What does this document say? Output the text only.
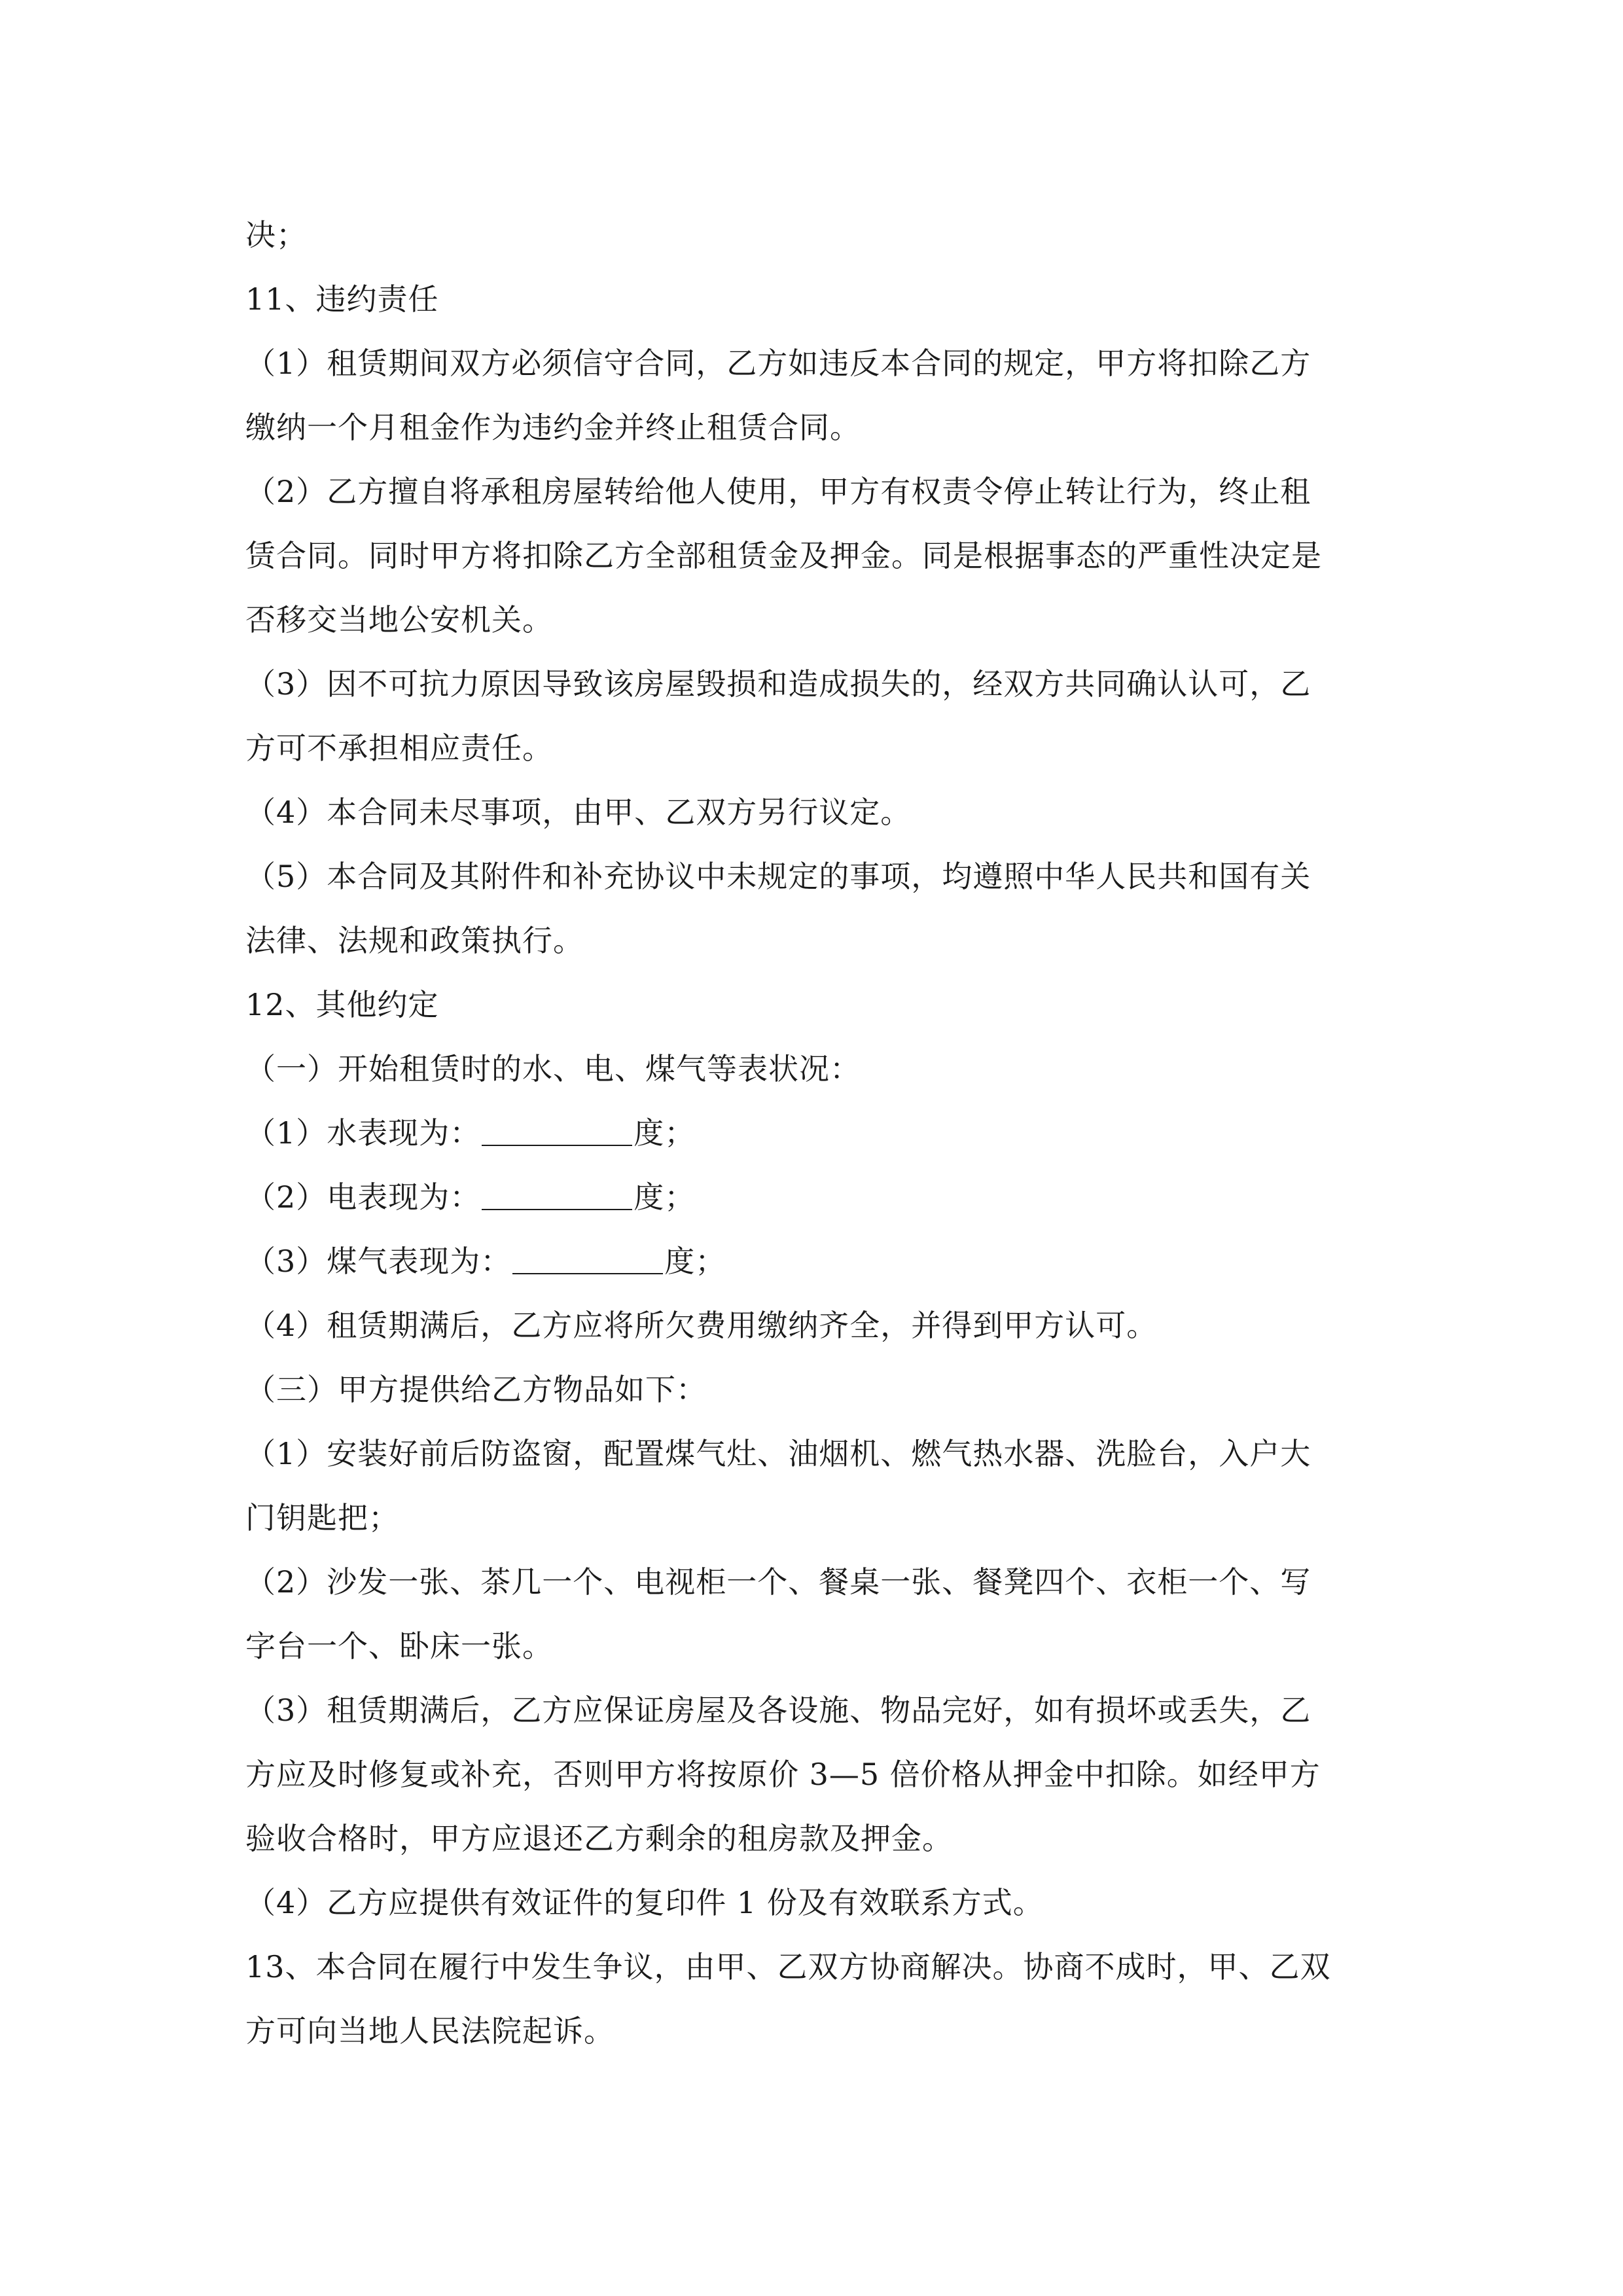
决；
11、违约责任
（1）租赁期间双方必须信守合同，乙方如违反本合同的规定，甲方将扣除乙方
缴纳一个月租金作为违约金并终止租赁合同。
（2）乙方擅自将承租房屋转给他人使用，甲方有权责令停止转让行为，终止租
赁合同。同时甲方将扣除乙方全部租赁金及押金。同是根据事态的严重性决定是
否移交当地公安机关。
（3）因不可抗力原因导致该房屋毁损和造成损失的，经双方共同确认认可，乙
方可不承担相应责任。
（4）本合同未尽事项，由甲、乙双方另行议定。
（5）本合同及其附件和补充协议中未规定的事项，均遵照中华人民共和国有关
法律、法规和政策执行。
12、其他约定
（一）开始租赁时的水、电、煤气等表状况：
（1）水表现为：	度；
（2）电表现为：	度；
（3）煤气表现为：	度；
（4）租赁期满后，乙方应将所欠费用缴纳齐全，并得到甲方认可。
（三）甲方提供给乙方物品如下：
（1）安装好前后防盗窗，配置煤气灶、油烟机、燃气热水器、洗脸台，入户大
门钥匙把；
（2）沙发一张、茶几一个、电视柜一个、餐桌一张、餐凳四个、衣柜一个、写
字台一个、卧床一张。
（3）租赁期满后，乙方应保证房屋及各设施、物品完好，如有损坏或丢失，乙
方应及时修复或补充，否则甲方将按原价 3—5 倍价格从押金中扣除。如经甲方
验收合格时，甲方应退还乙方剩余的租房款及押金。
（4）乙方应提供有效证件的复印件 1 份及有效联系方式。
13、本合同在履行中发生争议，由甲、乙双方协商解决。协商不成时，甲、乙双
方可向当地人民法院起诉。
